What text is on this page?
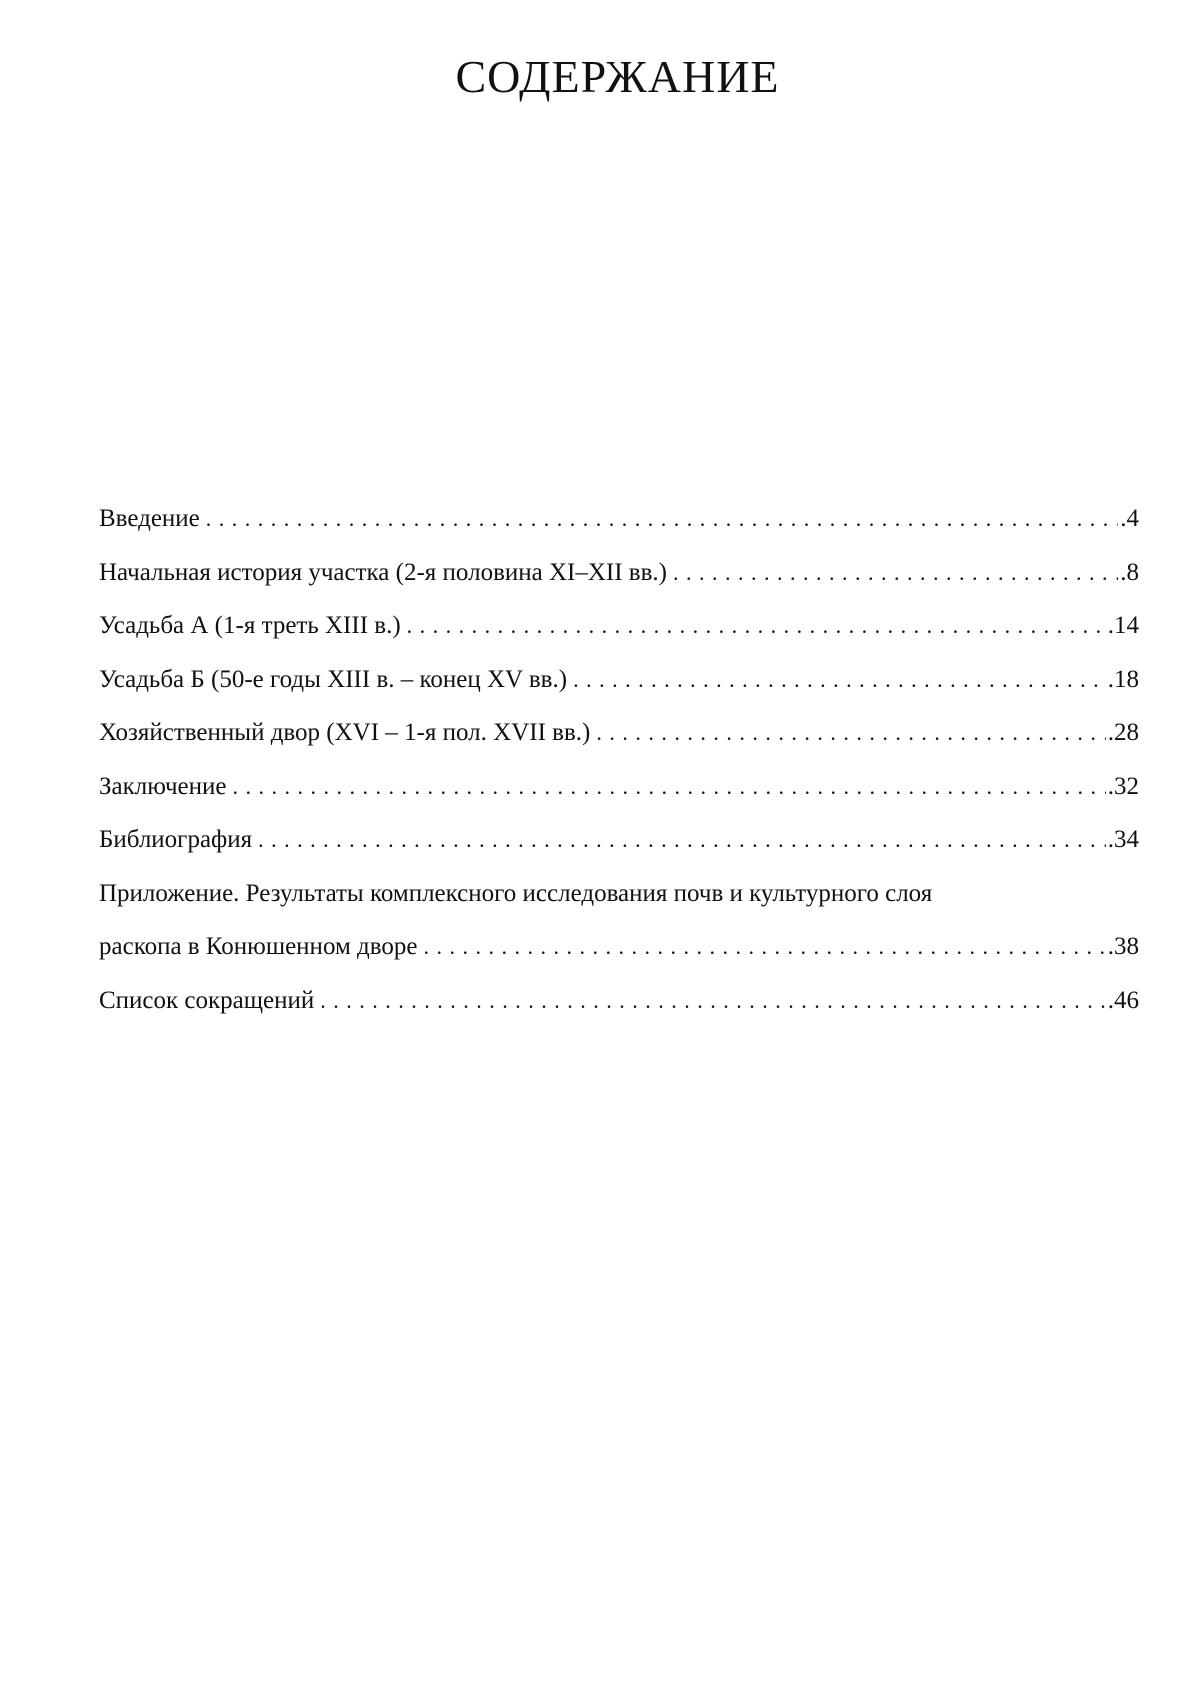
СОДЕРЖАНИЕ
Введение . . .	.4
Начальная история участка (2-я половина XI–XII вв.) . . .	.8
Усадьба А (1-я треть XIII в.) . . .	.14
Усадьба Б (50-е годы XIII в. – конец XV вв.) . . .	.18
Хозяйственный двор (XVI – 1-я пол. XVII вв.) . . .	.28
Заключение . . .	.32
Библиография . . .	.34
Приложение. Результаты комплексного исследования почв и культурного слоя
раскопа в Конюшенном дворе . . .	.38
Список сокращений . . .	.46
